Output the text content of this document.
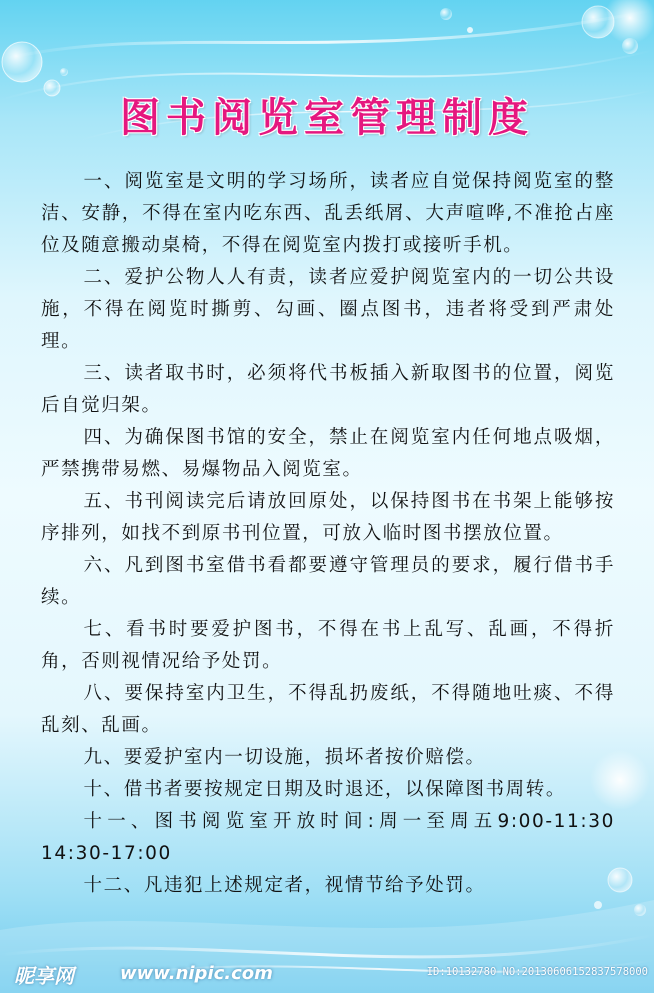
图书阅览室管理制度

一、阅览室是文明的学习场所，读者应自觉保持阅览室的整洁、安静，不得在室内吃东西、乱丢纸屑、大声喧哗,不准抢占座位及随意搬动桌椅，不得在阅览室内拨打或接听手机。

二、爱护公物人人有责，读者应爱护阅览室内的一切公共设施，不得在阅览时撕剪、勾画、圈点图书，违者将受到严肃处理。

三、读者取书时，必须将代书板插入新取图书的位置，阅览后自觉归架。

四、为确保图书馆的安全，禁止在阅览室内任何地点吸烟，严禁携带易燃、易爆物品入阅览室。

五、书刊阅读完后请放回原处，以保持图书在书架上能够按序排列，如找不到原书刊位置，可放入临时图书摆放位置。

六、凡到图书室借书看都要遵守管理员的要求，履行借书手续。

七、看书时要爱护图书，不得在书上乱写、乱画，不得折角，否则视情况给予处罚。

八、要保持室内卫生，不得乱扔废纸，不得随地吐痰、不得乱刻、乱画。

九、要爱护室内一切设施，损坏者按价赔偿。

十、借书者要按规定日期及时退还，以保障图书周转。

十一、图书阅览室开放时间:周一至周五9:00-11:30 14:30-17:00

十二、凡违犯上述规定者，视情节给予处罚。

昵享网	www.nipic.com	ID:10132780 NO:20130606152837578000
